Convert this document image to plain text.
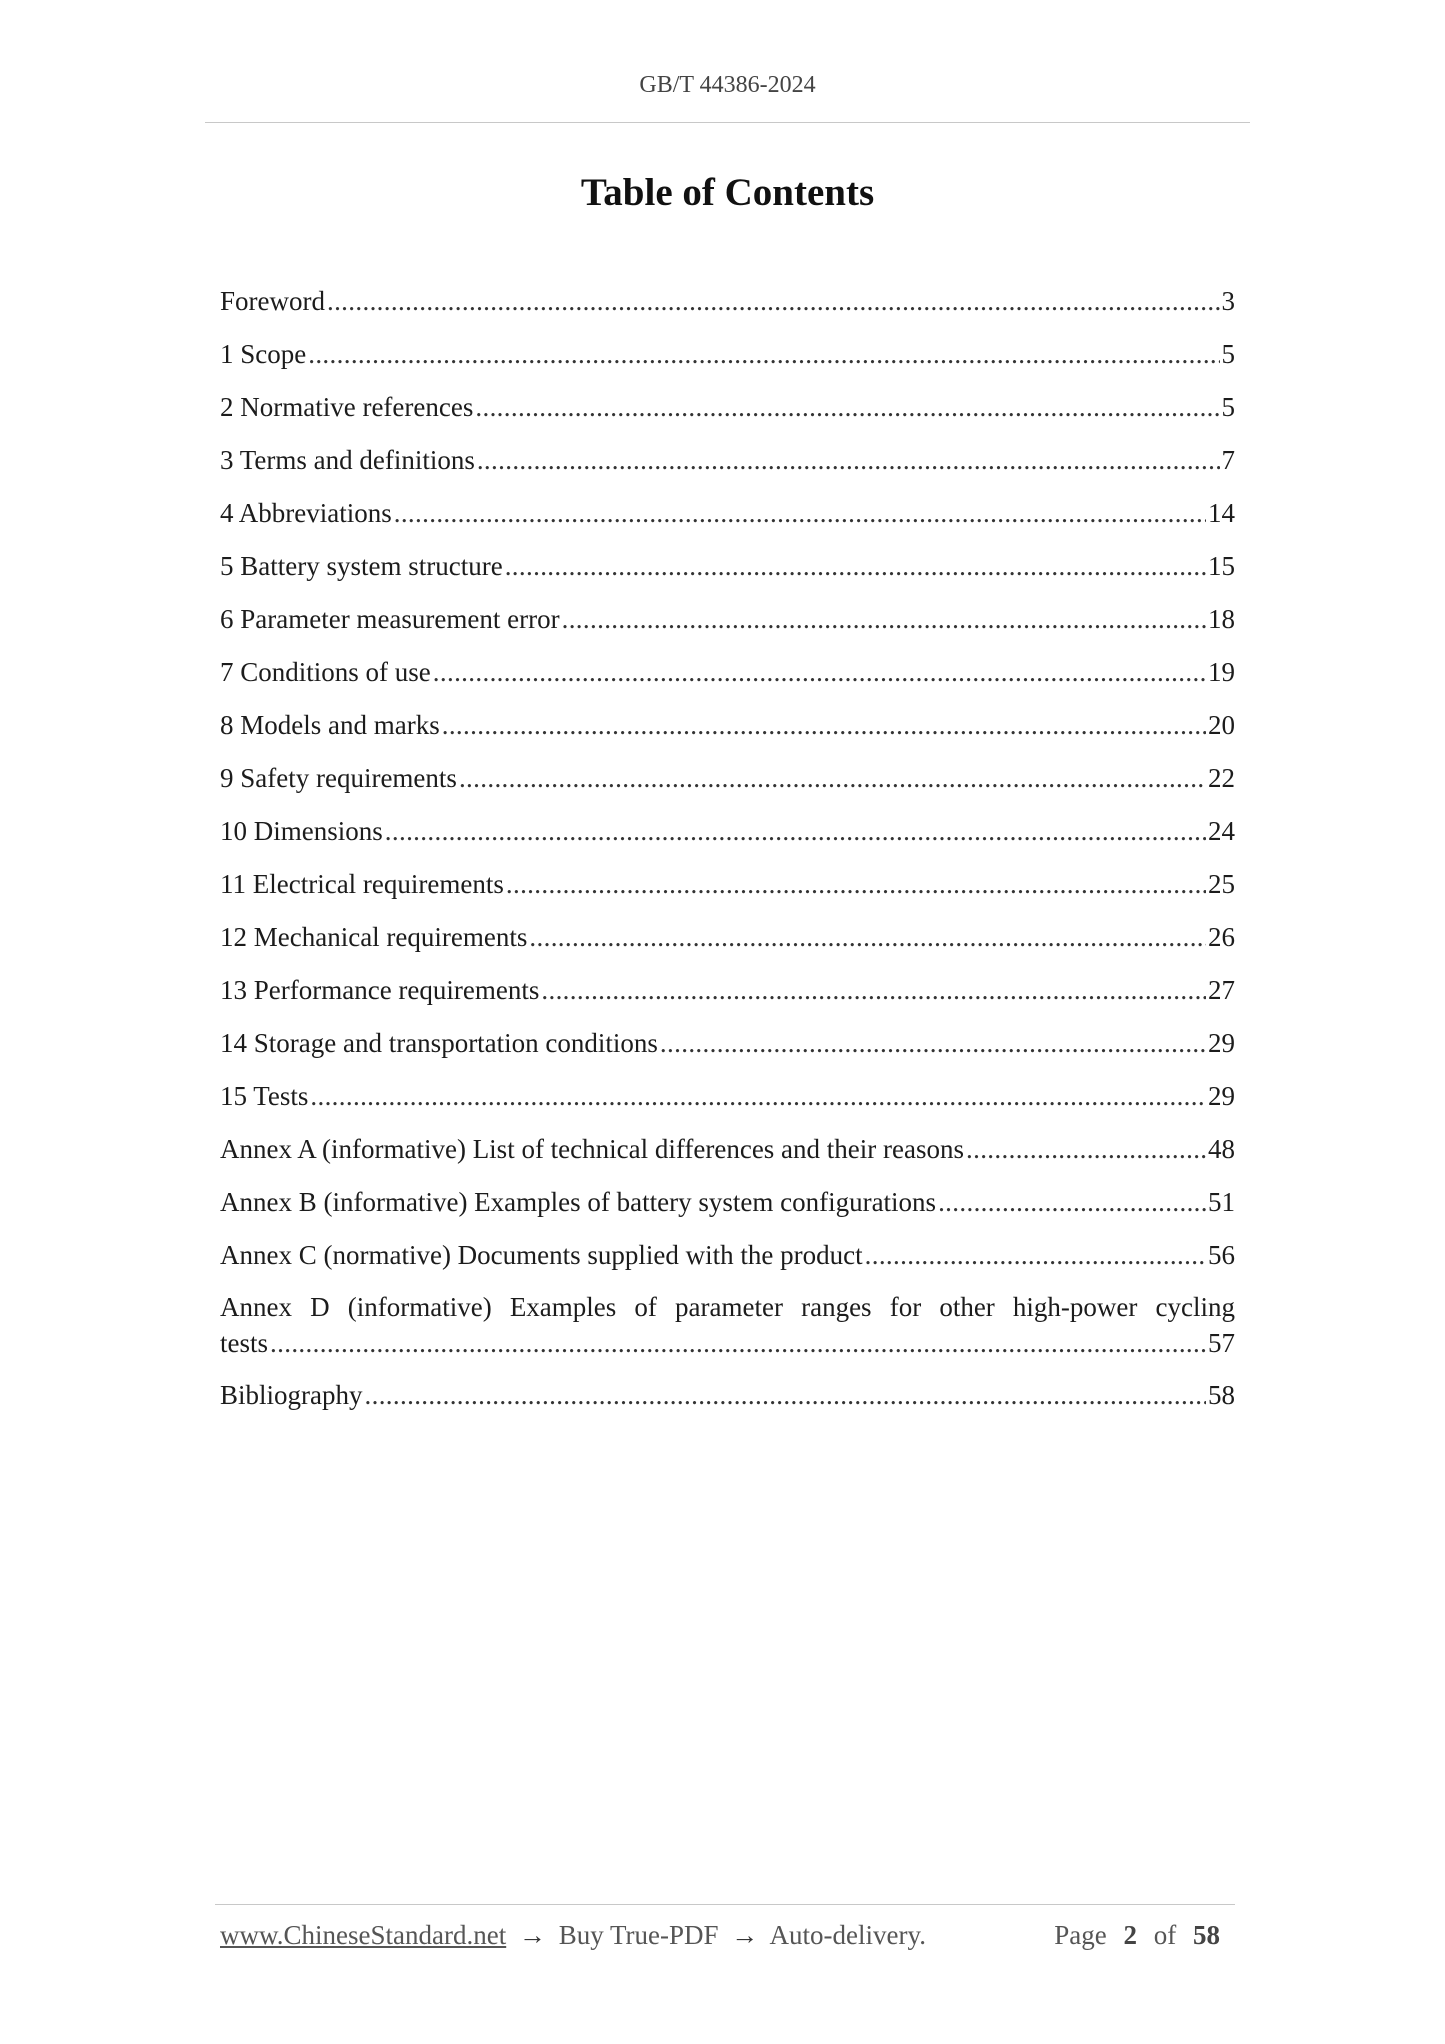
GB/T 44386-2024
Table of Contents
Foreword . . .	3
1 Scope . . .	5
2 Normative references . . .	5
3 Terms and definitions . . .	7
4 Abbreviations . . .	14
5 Battery system structure . . .	15
6 Parameter measurement error . . .	18
7 Conditions of use . . .	19
8 Models and marks . . .	20
9 Safety requirements . . .	22
10 Dimensions . . .	24
11 Electrical requirements . . .	25
12 Mechanical requirements . . .	26
13 Performance requirements . . .	27
14 Storage and transportation conditions . . .	29
15 Tests . . .	29
Annex A (informative) List of technical differences and their reasons . . .	48
Annex B (informative) Examples of battery system configurations . . .	51
Annex C (normative) Documents supplied with the product . . .	56
Annex D (informative) Examples of parameter ranges for other high-power cycling
tests . . .	57
Bibliography . . .	58
www.ChineseStandard.net → Buy True-PDF → Auto-delivery.	Page 2 of 58
